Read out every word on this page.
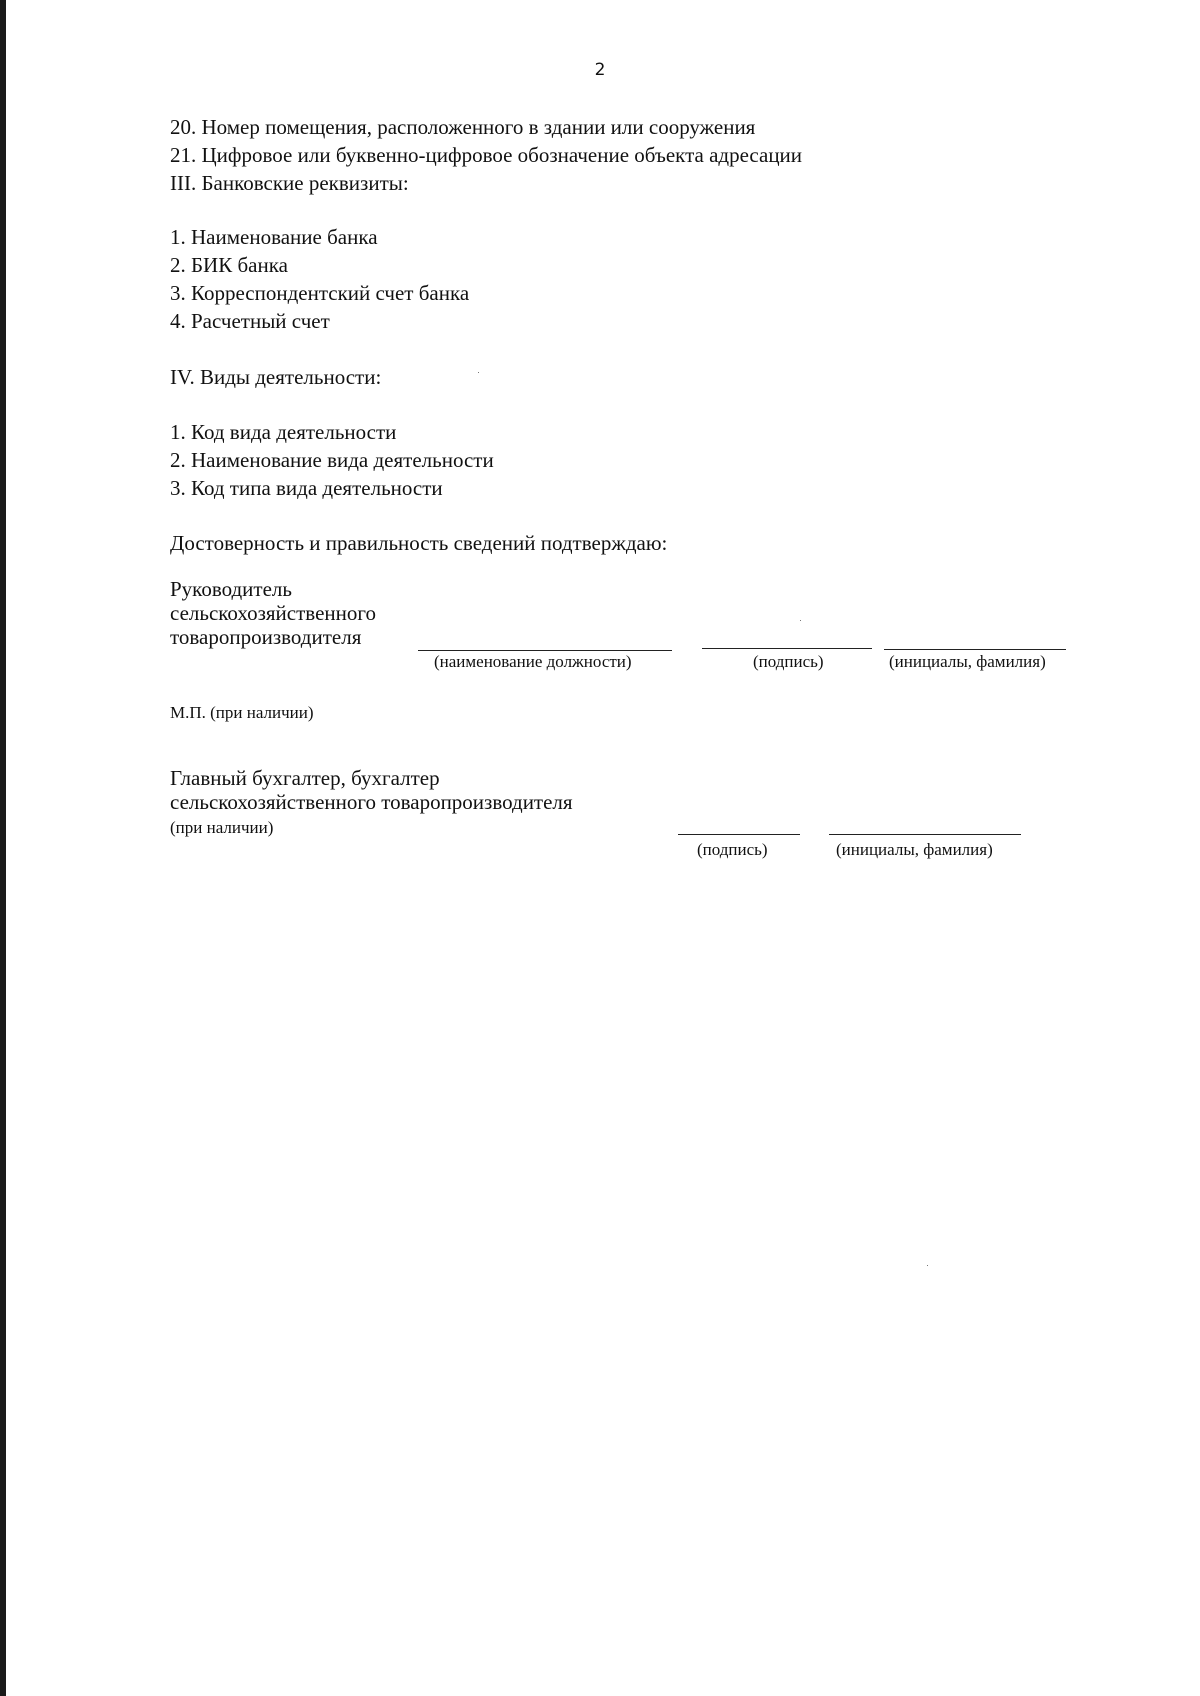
2
20. Номер помещения, расположенного в здании или сооружения
21. Цифровое или буквенно-цифровое обозначение объекта адресации
III. Банковские реквизиты:
1. Наименование банка
2. БИК банка
3. Корреспондентский счет банка
4. Расчетный счет
IV. Виды деятельности:
1. Код вида деятельности
2. Наименование вида деятельности
3. Код типа вида деятельности
Достоверность и правильность сведений подтверждаю:
Руководитель
сельскохозяйственного
товаропроизводителя
(наименование должности)	(подпись)	(инициалы, фамилия)
М.П. (при наличии)
Главный бухгалтер, бухгалтер
сельскохозяйственного товаропроизводителя
(при наличии)
(подпись)	(инициалы, фамилия)
